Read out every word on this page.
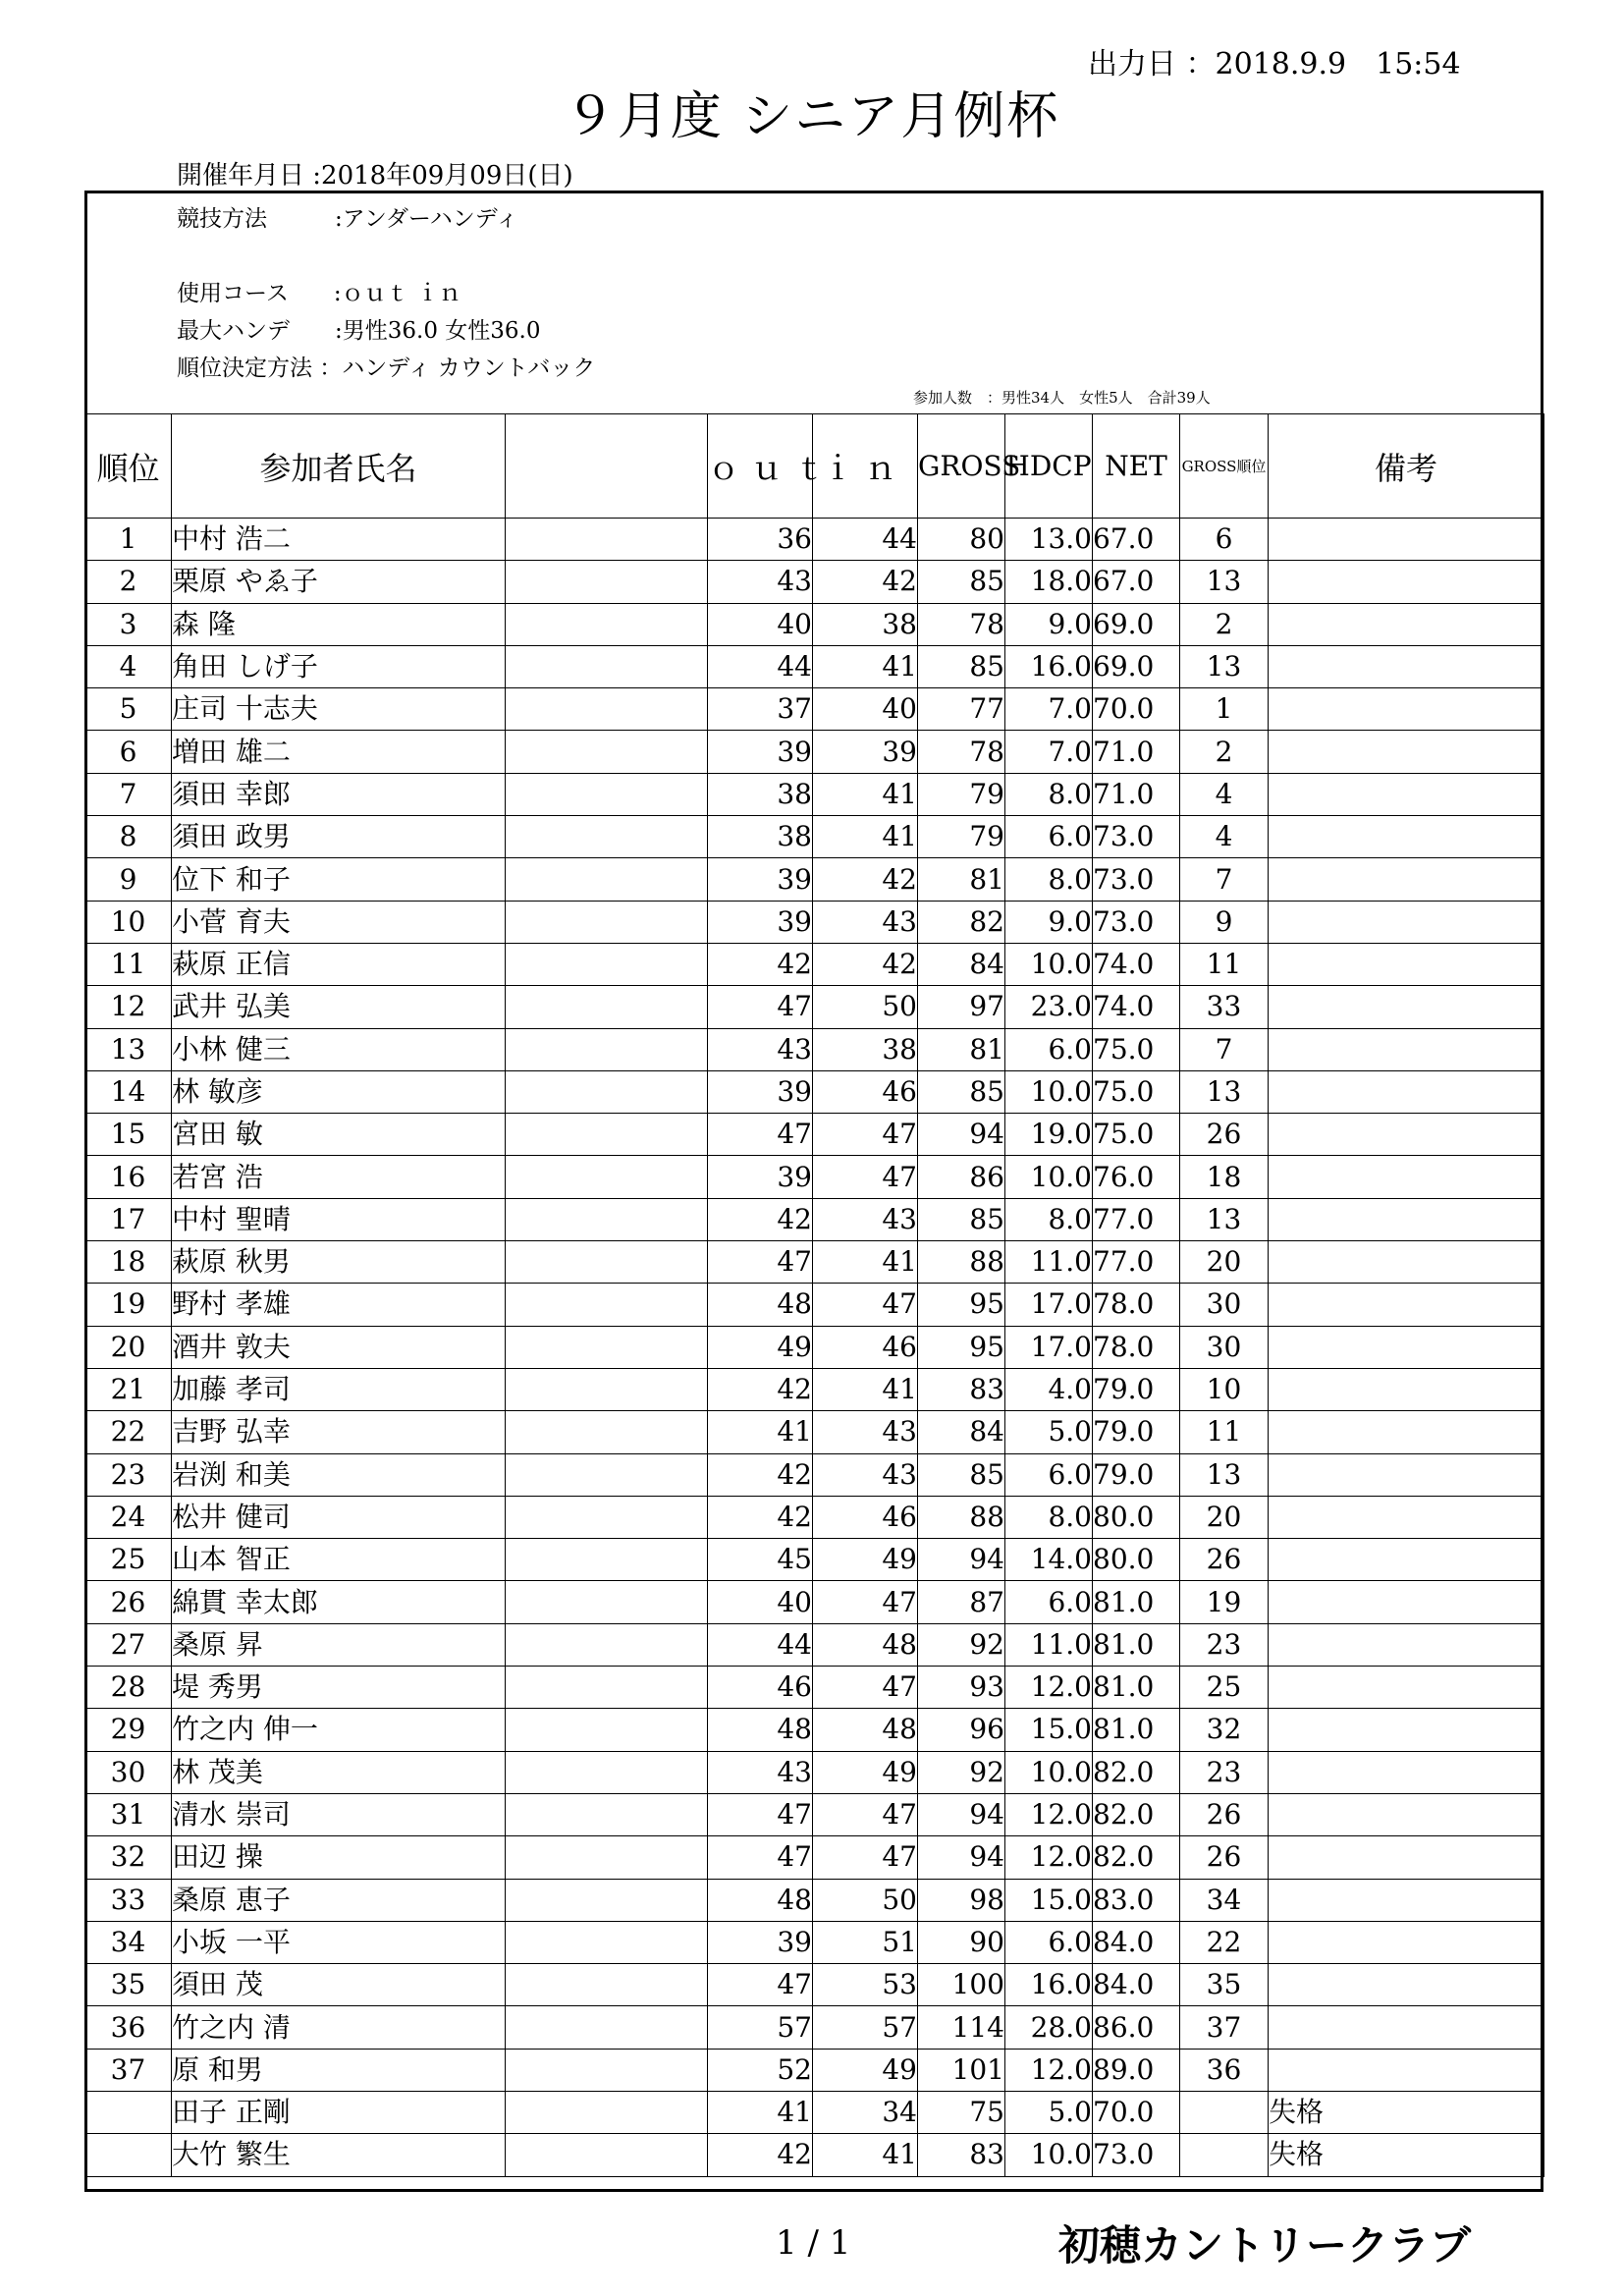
出力日 ：2018.9.9　15:54
９月度 シニア月例杯
開催年月日 :2018年09月09日(日)
競技方法　　　:アンダーハンディ
使用コース　　:ｏｕｔ ｉｎ
最大ハンデ　　:男性36.0 女性36.0
順位決定方法 ：ハンディ カウントバック
参加人数　：男性34人　女性5人　合計39人
順位	参加者氏名		ｏｕｔ	ｉｎ	GROSS	HDCP	NET	GROSS順位	備考
1	中村 浩二		36	44	80	13.0	67.0	6	
2	栗原 やゑ子		43	42	85	18.0	67.0	13	
3	森 隆		40	38	78	9.0	69.0	2	
4	角田 しげ子		44	41	85	16.0	69.0	13	
5	庄司 十志夫		37	40	77	7.0	70.0	1	
6	増田 雄二		39	39	78	7.0	71.0	2	
7	須田 幸郎		38	41	79	8.0	71.0	4	
8	須田 政男		38	41	79	6.0	73.0	4	
9	位下 和子		39	42	81	8.0	73.0	7	
10	小菅 育夫		39	43	82	9.0	73.0	9	
11	萩原 正信		42	42	84	10.0	74.0	11	
12	武井 弘美		47	50	97	23.0	74.0	33	
13	小林 健三		43	38	81	6.0	75.0	7	
14	林 敏彦		39	46	85	10.0	75.0	13	
15	宮田 敏		47	47	94	19.0	75.0	26	
16	若宮 浩		39	47	86	10.0	76.0	18	
17	中村 聖晴		42	43	85	8.0	77.0	13	
18	萩原 秋男		47	41	88	11.0	77.0	20	
19	野村 孝雄		48	47	95	17.0	78.0	30	
20	酒井 敦夫		49	46	95	17.0	78.0	30	
21	加藤 孝司		42	41	83	4.0	79.0	10	
22	吉野 弘幸		41	43	84	5.0	79.0	11	
23	岩渕 和美		42	43	85	6.0	79.0	13	
24	松井 健司		42	46	88	8.0	80.0	20	
25	山本 智正		45	49	94	14.0	80.0	26	
26	綿貫 幸太郎		40	47	87	6.0	81.0	19	
27	桑原 昇		44	48	92	11.0	81.0	23	
28	堤 秀男		46	47	93	12.0	81.0	25	
29	竹之内 伸一		48	48	96	15.0	81.0	32	
30	林 茂美		43	49	92	10.0	82.0	23	
31	清水 崇司		47	47	94	12.0	82.0	26	
32	田辺 操		47	47	94	12.0	82.0	26	
33	桑原 恵子		48	50	98	15.0	83.0	34	
34	小坂 一平		39	51	90	6.0	84.0	22	
35	須田 茂		47	53	100	16.0	84.0	35	
36	竹之内 清		57	57	114	28.0	86.0	37	
37	原 和男		52	49	101	12.0	89.0	36	
	田子 正剛		41	34	75	5.0	70.0		失格
	大竹 繁生		42	41	83	10.0	73.0		失格
1 / 1	初穂カントリークラブ
